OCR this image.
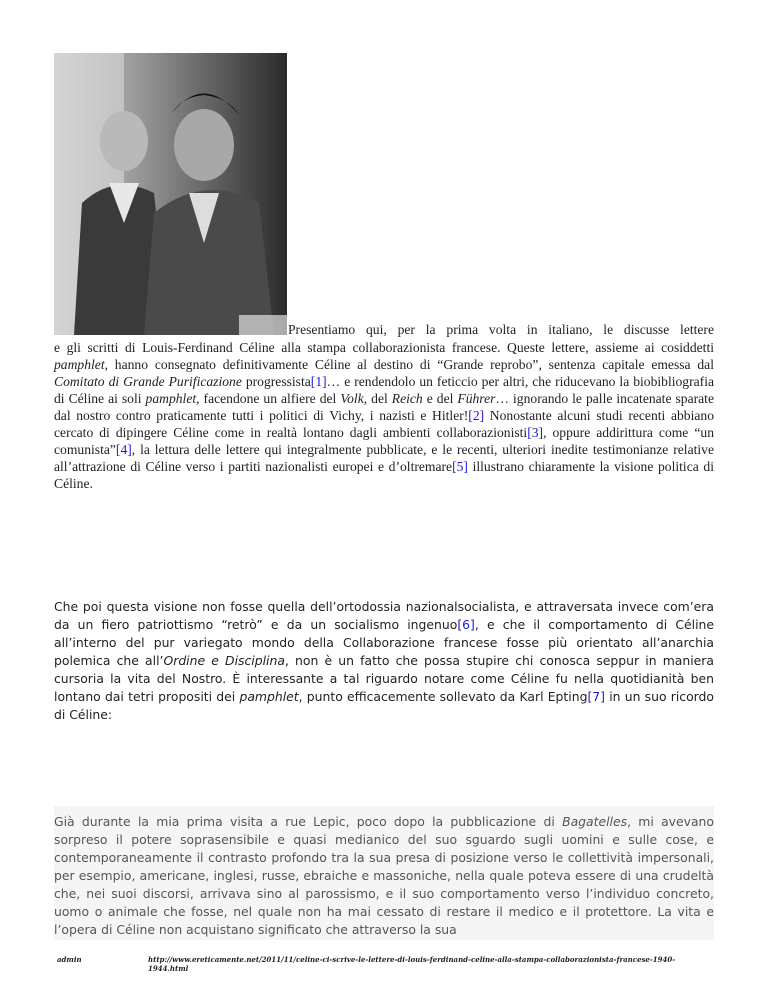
Presentiamo qui, per la prima volta in italiano, le discusse lettere

e gli scritti di Louis-Ferdinand Céline alla stampa collaborazionista francese. Queste lettere, assieme ai cosiddetti pamphlet, hanno consegnato definitivamente Céline al destino di “Grande reprobo”, sentenza capitale emessa dal Comitato di Grande Purificazione progressista[1]… e rendendolo un feticcio per altri, che riducevano la biobibliografia di Céline ai soli pamphlet, facendone un alfiere del Volk, del Reich e del Führer… ignorando le palle incatenate sparate dal nostro contro praticamente tutti i politici di Vichy, i nazisti e Hitler![2] Nonostante alcuni studi recenti abbiano cercato di dipingere Céline come in realtà lontano dagli ambienti collaborazionisti[3], oppure addirittura come “un comunista”[4], la lettura delle lettere qui integralmente pubblicate, e le recenti, ulteriori inedite testimonianze relative all’attrazione di Céline verso i partiti nazionalisti europei e d’oltremare[5] illustrano chiaramente la visione politica di Céline.
Che poi questa visione non fosse quella dell’ortodossia nazionalsocialista, e attraversata invece com’era da un fiero patriottismo “retrò” e da un socialismo ingenuo[6], e che il comportamento di Céline all’interno del pur variegato mondo della Collaborazione francese fosse più orientato all’anarchia polemica che all’Ordine e Disciplina, non è un fatto che possa stupire chi conosca seppur in maniera cursoria la vita del Nostro. È interessante a tal riguardo notare come Céline fu nella quotidianità ben lontano dai tetri propositi dei pamphlet, punto efficacemente sollevato da Karl Epting[7] in un suo ricordo di Céline:

Già durante la mia prima visita a rue Lepic, poco dopo la pubblicazione di Bagatelles, mi avevano sorpreso il potere soprasensibile e quasi medianico del suo sguardo sugli uomini e sulle cose, e contemporaneamente il contrasto profondo tra la sua presa di posizione verso le collettività impersonali, per esempio, americane, inglesi, russe, ebraiche e massoniche, nella quale poteva essere di una crudeltà che, nei suoi discorsi, arrivava sino al parossismo, e il suo comportamento verso l’individuo concreto, uomo o animale che fosse, nel quale non ha mai cessato di restare il medico e il protettore. La vita e l’opera di Céline non acquistano significato che attraverso la sua

admin	http://www.ereticamente.net/2011/11/celine-ci-scrive-le-lettere-di-louis-ferdinand-celine-alla-stampa-collaborazionista-francese-1940-1944.html
